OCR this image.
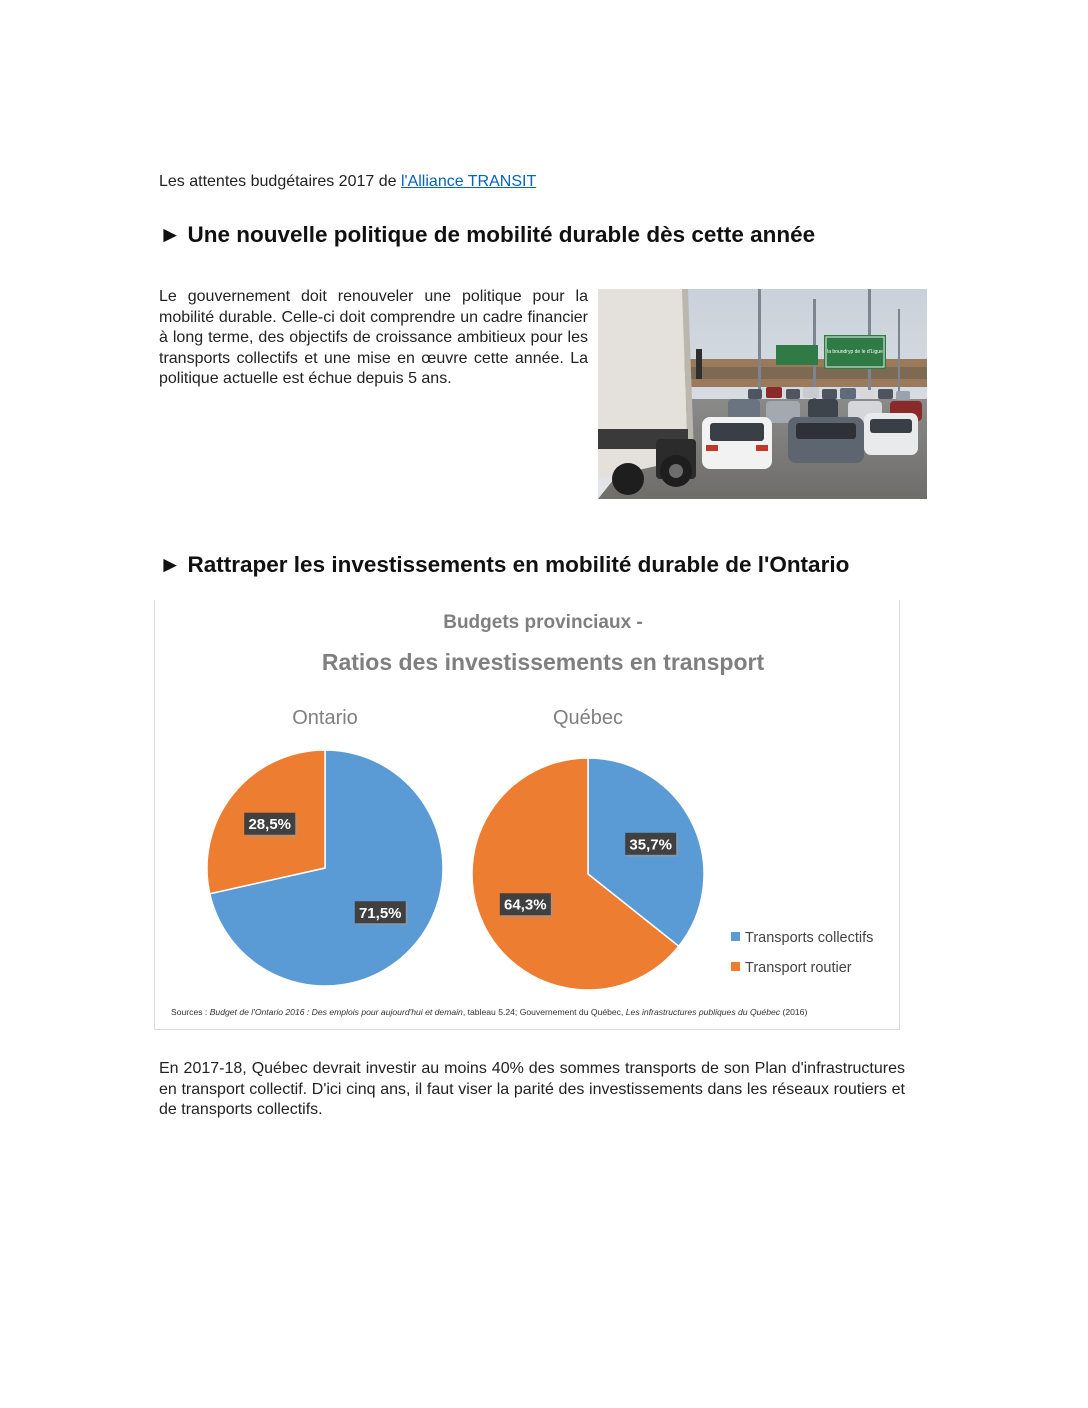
Les attentes budgétaires 2017 de l'Alliance TRANSIT
► Une nouvelle politique de mobilité durable dès cette année
Le gouvernement doit renouveler une politique pour la mobilité durable. Celle-ci doit comprendre un cadre financier à long terme, des objectifs de croissance ambitieux pour les transports collectifs et une mise en œuvre cette année. La politique actuelle est échue depuis 5 ans.
la boundryp de le d'Ligue
► Rattraper les investissements en mobilité durable de l'Ontario
Budgets provinciaux -
Ratios des investissements en transport
Ontario	Québec
71,5%
28,5%
35,7%
64,3%
Transports collectifs
Transport routier
Sources : Budget de l'Ontario 2016 : Des emplois pour aujourd'hui et demain, tableau 5.24; Gouvernement du Québec, Les infrastructures publiques du Québec (2016)
En 2017-18, Québec devrait investir au moins 40% des sommes transports de son Plan d'infrastructures en transport collectif. D'ici cinq ans, il faut viser la parité des investissements dans les réseaux routiers et de transports collectifs.
